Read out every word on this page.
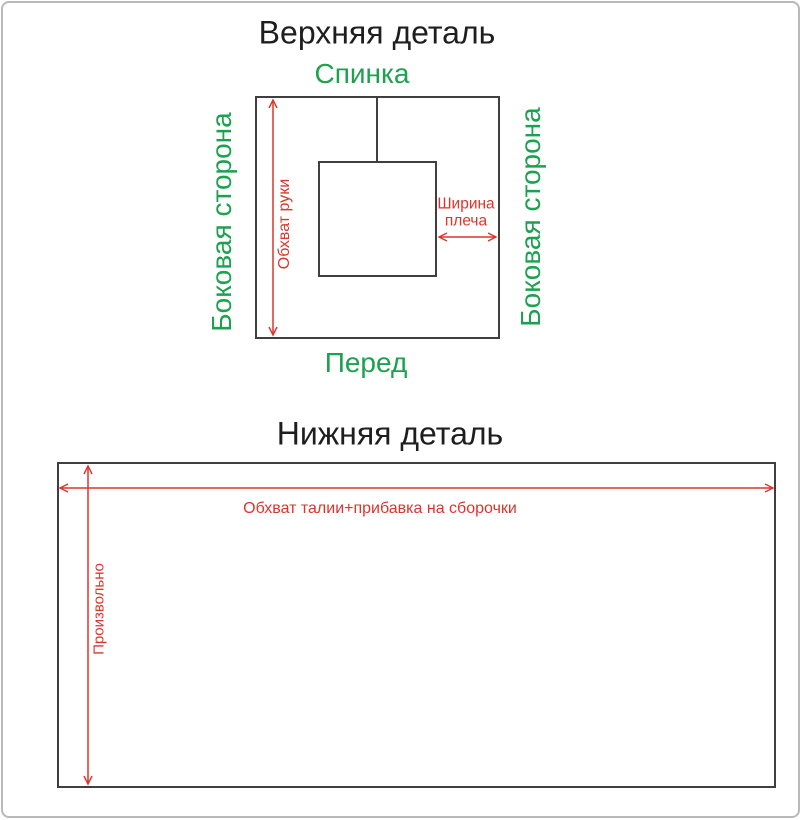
Верхняя деталь
Спинка
Боковая сторона	Боковая сторона
Перед
Обхват руки	Ширина плеча
Нижняя деталь
Обхват талии+прибавка на сборочки
Произвольно
